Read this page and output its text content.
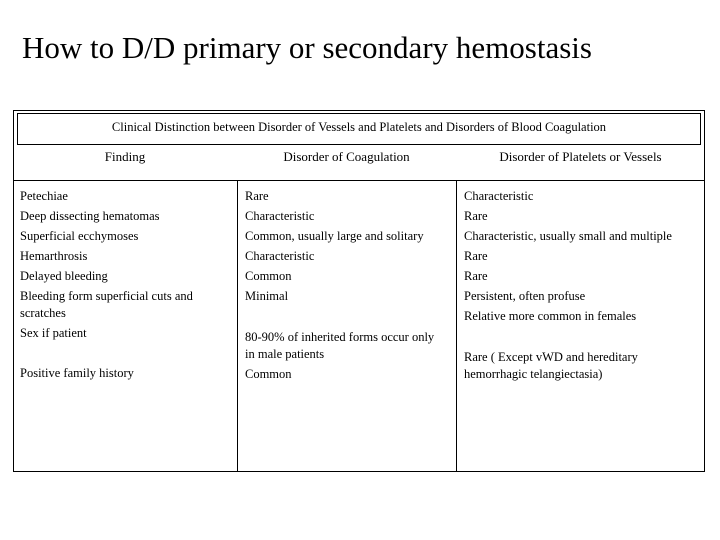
How to D/D primary or secondary hemostasis
Clinical Distinction between Disorder of Vessels and Platelets and Disorders of Blood Coagulation
Finding	Disorder of Coagulation	Disorder of Platelets or Vessels
Petechiae
Deep dissecting hematomas
Superficial ecchymoses
Hemarthrosis
Delayed bleeding
Bleeding form superficial cuts and scratches
Sex if patient
Positive family history
Rare
Characteristic
Common, usually large and solitary
Characteristic
Common
Minimal
80-90% of inherited forms occur only in male patients
Common
Characteristic
Rare
Characteristic, usually small and multiple
Rare
Rare
Persistent, often profuse
Relative more common in females
Rare ( Except vWD and hereditary hemorrhagic telangiectasia)
